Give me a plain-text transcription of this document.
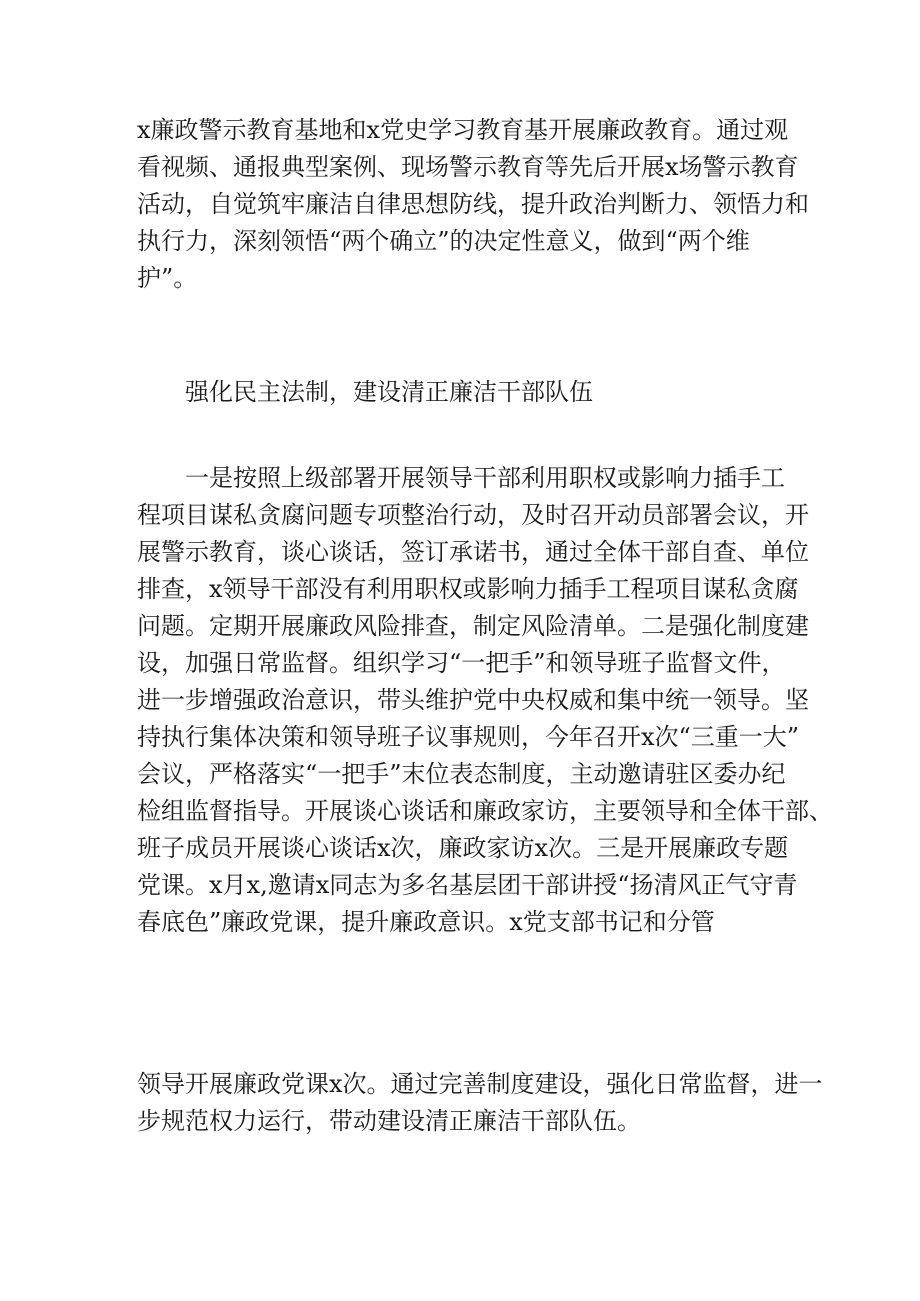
x廉政警示教育基地和x党史学习教育基开展廉政教育。通过观
看视频、通报典型案例、现场警示教育等先后开展x场警示教育
活动，自觉筑牢廉洁自律思想防线，提升政治判断力、领悟力和
执行力，深刻领悟“两个确立”的决定性意义，做到“两个维
护”。

　　强化民主法制，建设清正廉洁干部队伍

　　一是按照上级部署开展领导干部利用职权或影响力插手工
程项目谋私贪腐问题专项整治行动，及时召开动员部署会议，开
展警示教育，谈心谈话，签订承诺书，通过全体干部自查、单位
排查，x领导干部没有利用职权或影响力插手工程项目谋私贪腐
问题。定期开展廉政风险排查，制定风险清单。二是强化制度建
设，加强日常监督。组织学习“一把手”和领导班子监督文件，
进一步增强政治意识，带头维护党中央权威和集中统一领导。坚
持执行集体决策和领导班子议事规则，今年召开x次“三重一大”
会议，严格落实“一把手”末位表态制度，主动邀请驻区委办纪
检组监督指导。开展谈心谈话和廉政家访，主要领导和全体干部、
班子成员开展谈心谈话x次，廉政家访x次。三是开展廉政专题
党课。x月x,邀请x同志为多名基层团干部讲授“扬清风正气守青
春底色”廉政党课，提升廉政意识。x党支部书记和分管

领导开展廉政党课x次。通过完善制度建设，强化日常监督，进一
步规范权力运行，带动建设清正廉洁干部队伍。
